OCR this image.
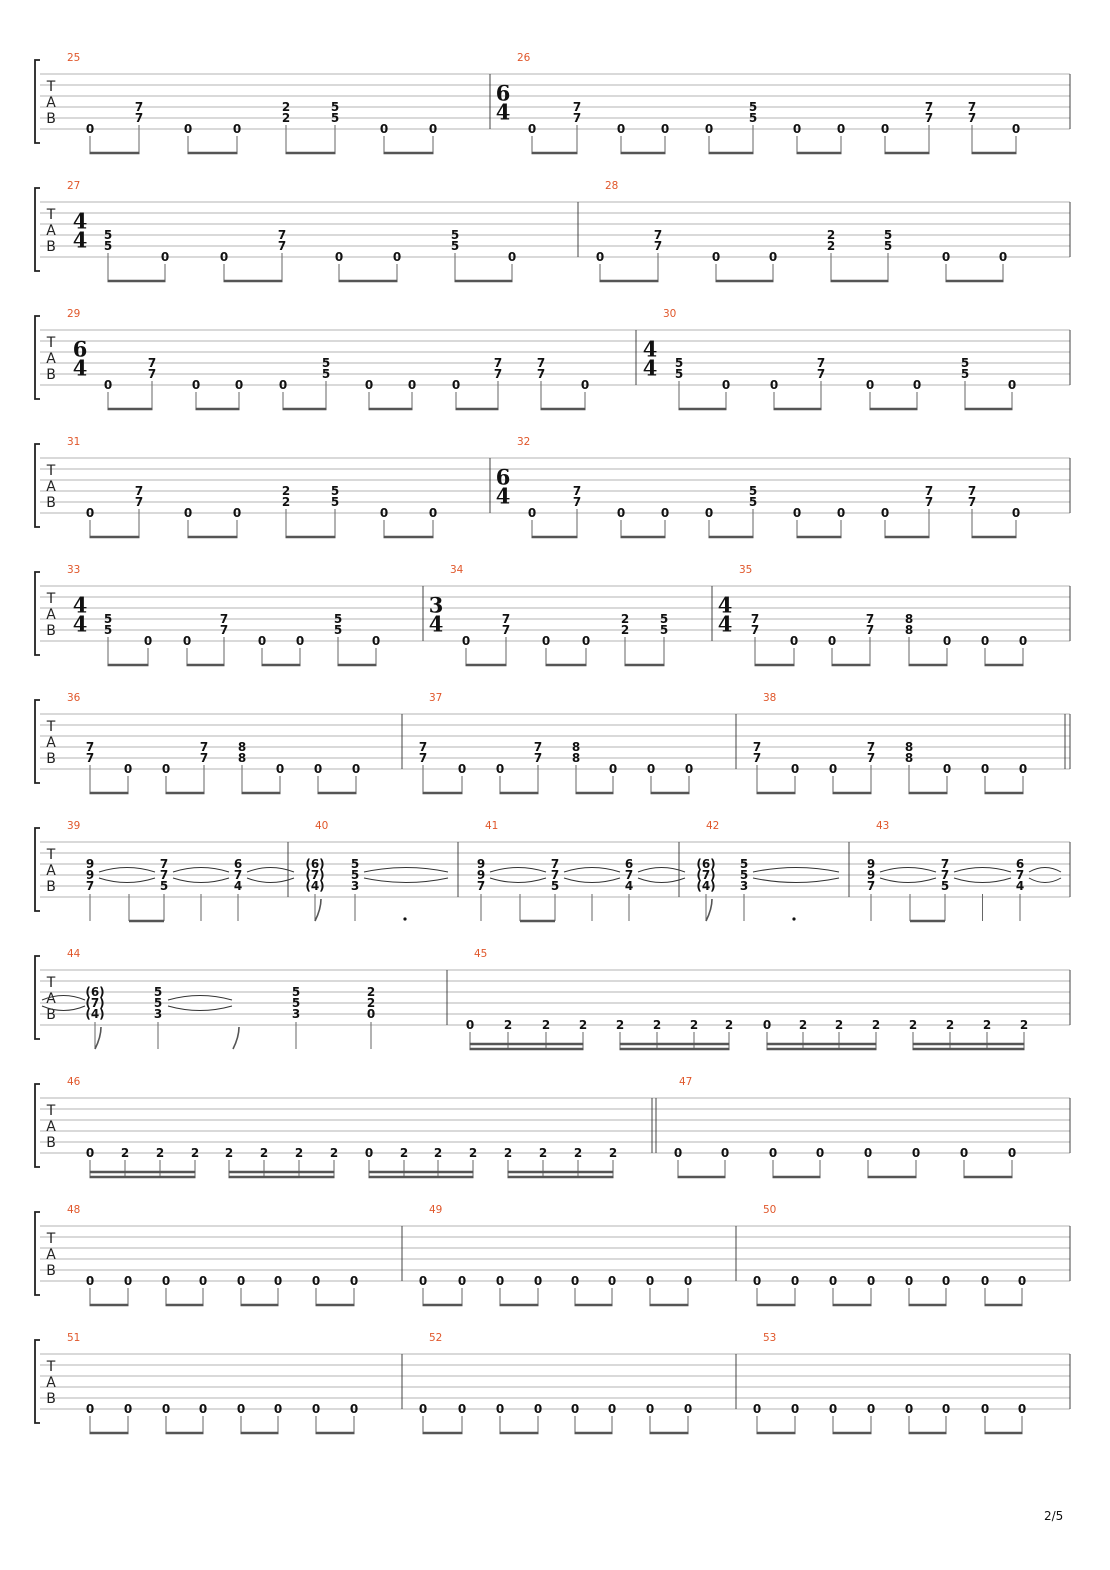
T
A
B
25
0
7
7
0	0
2
2
5
5
0	0
26
6
4
0
7
7
0	0	0
5
5
0	0	0
7
7
7
7
0
T
A
B
27
4
4 5
5
0	0
7
7
0	0
5
5
0
28
0
7
7
0	0
2
2
5
5
0	0
T
A
B
29
6
4
0
7
7
0	0	0
5
5
0	0	0
7
7
7
7
0
30
4
4 5
5
0	0
7
7
0	0
5
5
0
T
A
B
31
0
7
7
0	0
2
2
5
5
0	0
32
6
4
0
7
7
0	0	0
5
5
0	0	0
7
7
7
7
0
T
A
B
33
4
4 5
5
0	0
7
7
0 0
5
5
0
34
3
4
0
7
7
0	0
2
2
5
5
35
4
4 7
7
0 0
7
7
8
8
0 0 0
T
A
B
36
7
7
0 0
7
7
8
8
0 0 0
37
7
7
0 0
7
7
8
8
0 0 0
38
7
7
0 0
7
7
8
8
0 0 0
T
A
B
39
9
9
7
7
7
5
6
7
4
40
(6)
(7)
(4)
5
5
3
41
9
9
7
7
7
5
6
7
4
42
(6)
(7)
(4)
5
5
3
43
9
9
7
7
7
5
6
7
4
T
A
B
44
(6)
(7)
(4)
5
5
3
5
5
3
2
2
0
45
0 2 2 2 2 2 2 2 0 2 2 2 2 2 2 2
T
A
B
46
0 2 2 2 2 2 2 2 0 2 2 2 2 2 2 2
47
0	0	0	0	0	0	0	0
T
A
B
48
0 0 0 0 0 0 0 0
49
0	0 0 0 0 0 0 0
50
0 0 0 0 0 0	0 0
T
A
B
51
0 0 0 0 0 0 0 0
52
0	0 0 0 0 0 0 0
53
0 0 0 0 0 0	0 0
2/5
